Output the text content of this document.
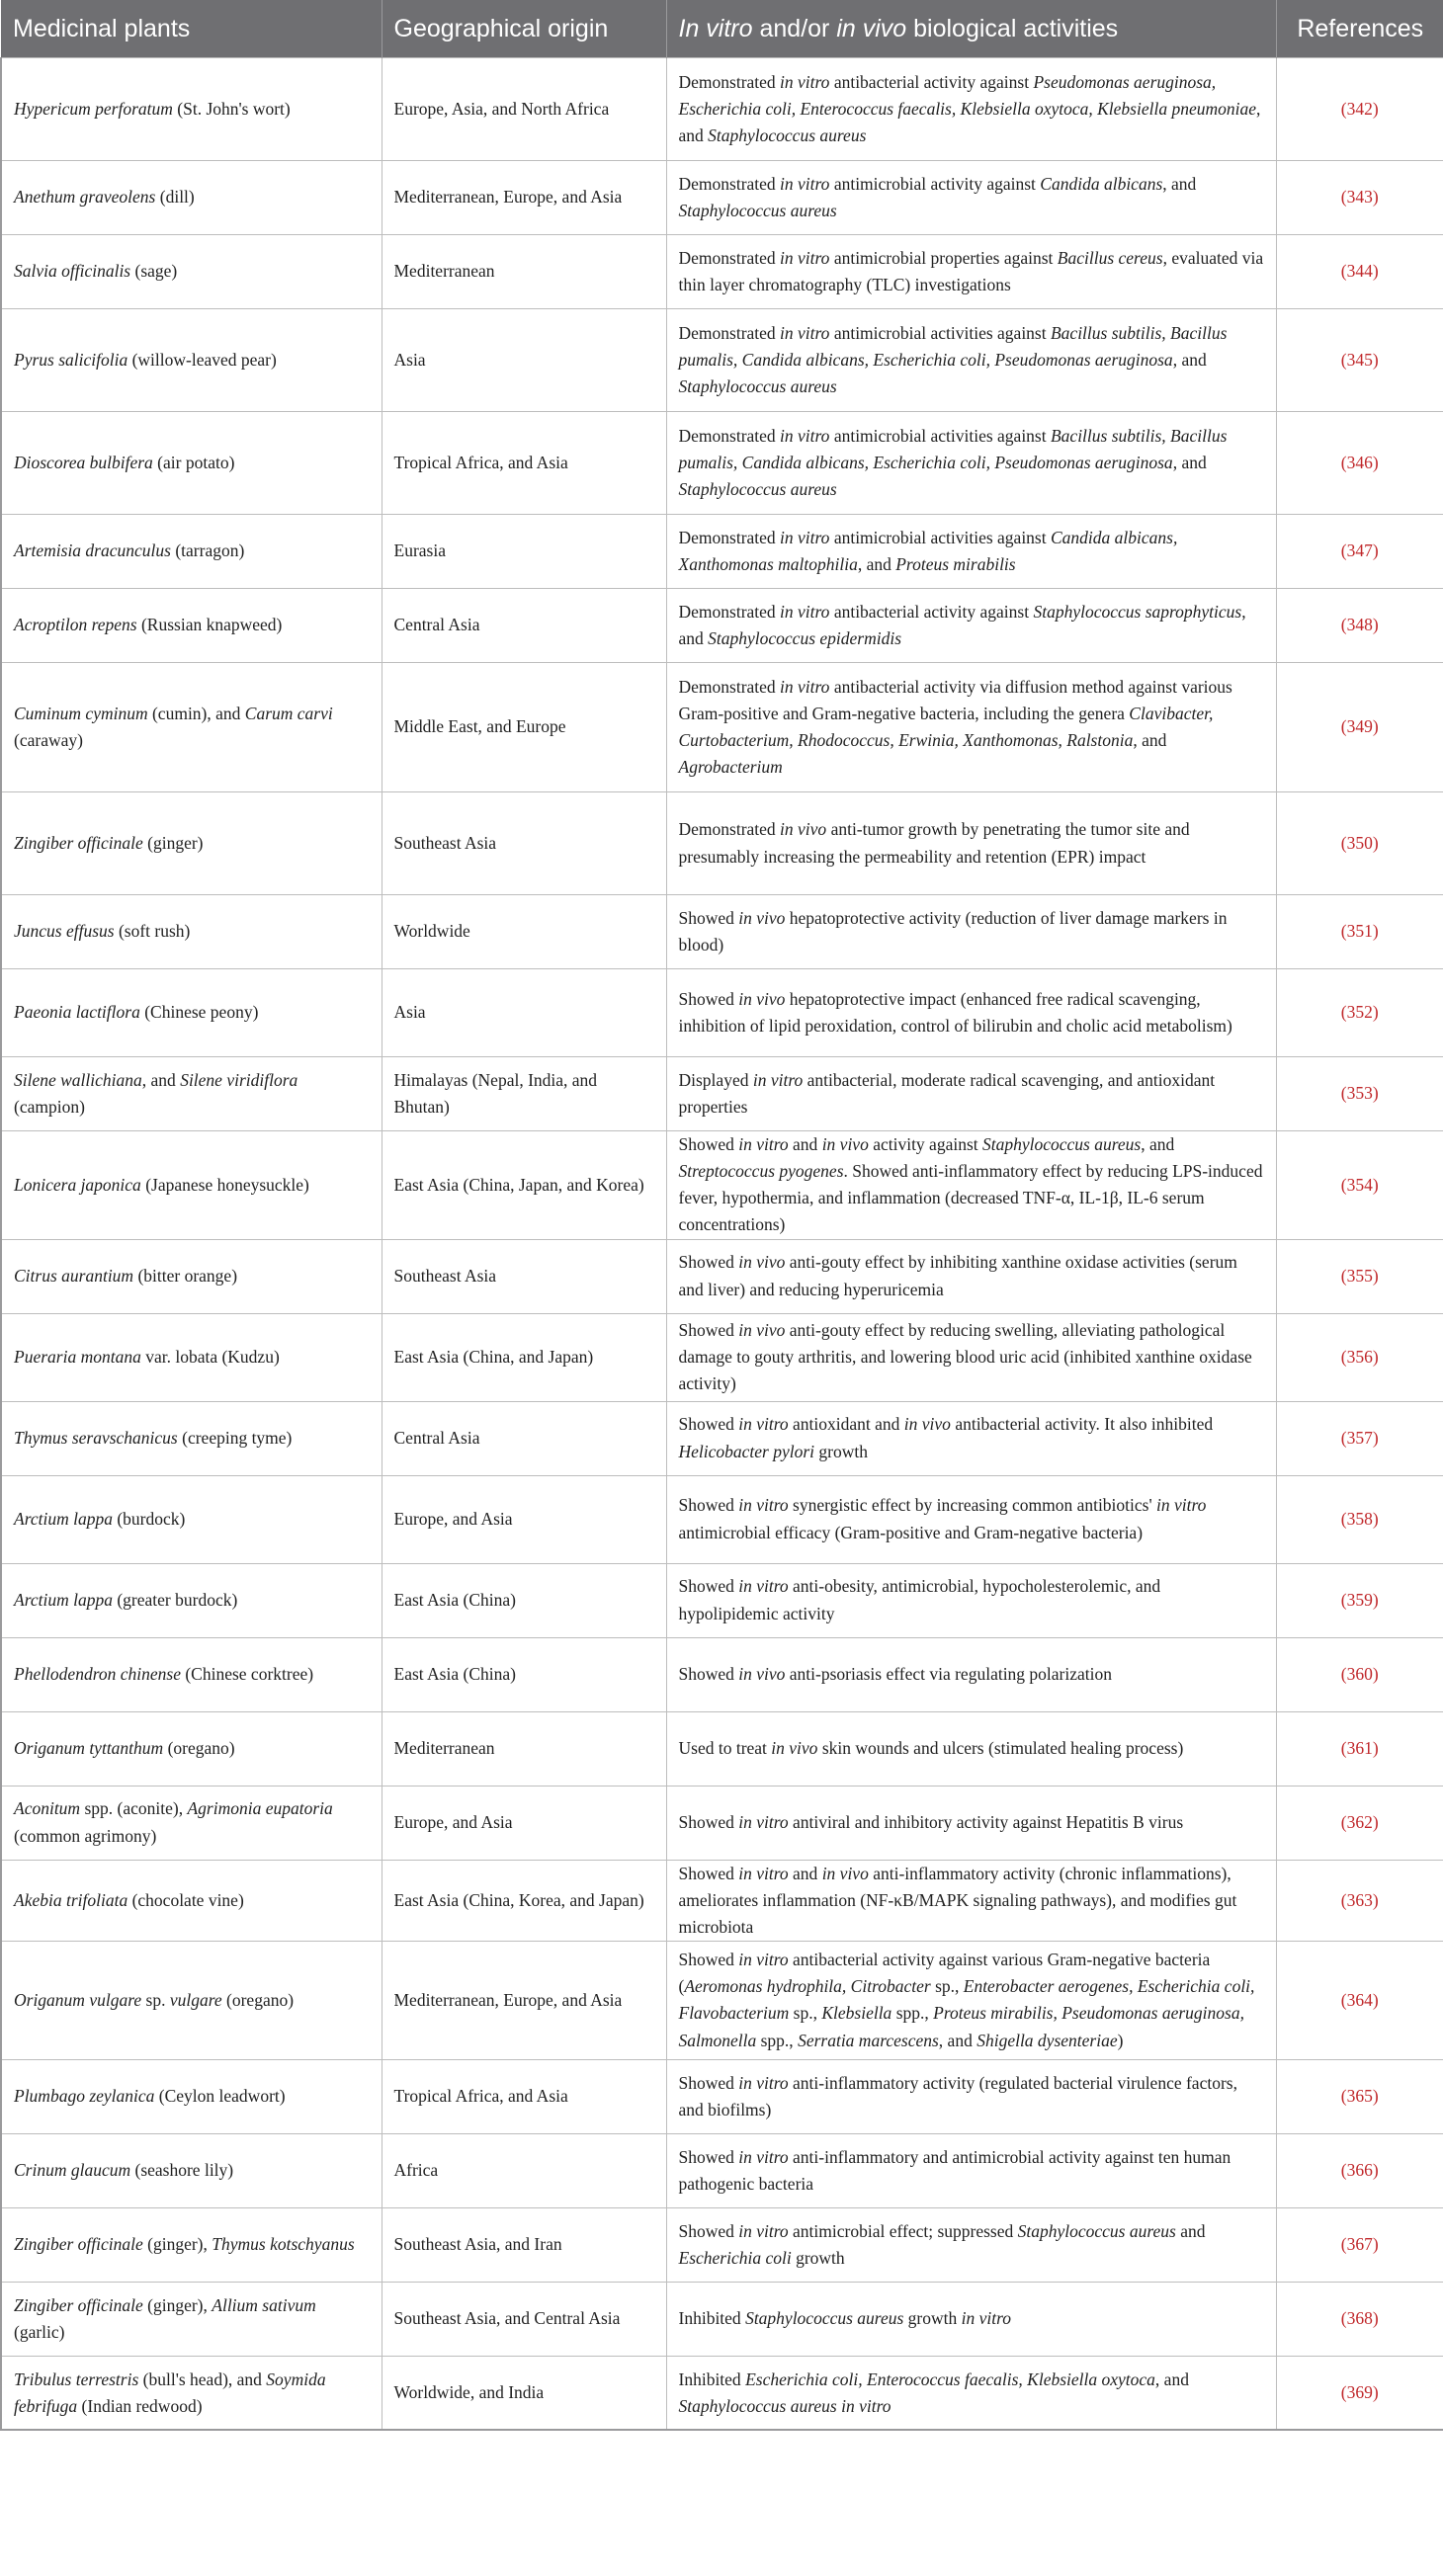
Medicinal plants	Geographical origin	In vitro and/or in vivo biological activities	References
Hypericum perforatum (St. John's wort)	Europe, Asia, and North Africa	Demonstrated in vitro antibacterial activity against Pseudomonas aeruginosa, Escherichia coli, Enterococcus faecalis, Klebsiella oxytoca, Klebsiella pneumoniae, and Staphylococcus aureus	(342)
Anethum graveolens (dill)	Mediterranean, Europe, and Asia	Demonstrated in vitro antimicrobial activity against Candida albicans, and Staphylococcus aureus	(343)
Salvia officinalis (sage)	Mediterranean	Demonstrated in vitro antimicrobial properties against Bacillus cereus, evaluated via thin layer chromatography (TLC) investigations	(344)
Pyrus salicifolia (willow-leaved pear)	Asia	Demonstrated in vitro antimicrobial activities against Bacillus subtilis, Bacillus pumalis, Candida albicans, Escherichia coli, Pseudomonas aeruginosa, and Staphylococcus aureus	(345)
Dioscorea bulbifera (air potato)	Tropical Africa, and Asia	Demonstrated in vitro antimicrobial activities against Bacillus subtilis, Bacillus pumalis, Candida albicans, Escherichia coli, Pseudomonas aeruginosa, and Staphylococcus aureus	(346)
Artemisia dracunculus (tarragon)	Eurasia	Demonstrated in vitro antimicrobial activities against Candida albicans, Xanthomonas maltophilia, and Proteus mirabilis	(347)
Acroptilon repens (Russian knapweed)	Central Asia	Demonstrated in vitro antibacterial activity against Staphylococcus saprophyticus, and Staphylococcus epidermidis	(348)
Cuminum cyminum (cumin), and Carum carvi (caraway)	Middle East, and Europe	Demonstrated in vitro antibacterial activity via diffusion method against various Gram-positive and Gram-negative bacteria, including the genera Clavibacter, Curtobacterium, Rhodococcus, Erwinia, Xanthomonas, Ralstonia, and Agrobacterium	(349)
Zingiber officinale (ginger)	Southeast Asia	Demonstrated in vivo anti-tumor growth by penetrating the tumor site and presumably increasing the permeability and retention (EPR) impact	(350)
Juncus effusus (soft rush)	Worldwide	Showed in vivo hepatoprotective activity (reduction of liver damage markers in blood)	(351)
Paeonia lactiflora (Chinese peony)	Asia	Showed in vivo hepatoprotective impact (enhanced free radical scavenging, inhibition of lipid peroxidation, control of bilirubin and cholic acid metabolism)	(352)
Silene wallichiana, and Silene viridiflora (campion)	Himalayas (Nepal, India, and Bhutan)	Displayed in vitro antibacterial, moderate radical scavenging, and antioxidant properties	(353)
Lonicera japonica (Japanese honeysuckle)	East Asia (China, Japan, and Korea)	Showed in vitro and in vivo activity against Staphylococcus aureus, and Streptococcus pyogenes. Showed anti-inflammatory effect by reducing LPS-induced fever, hypothermia, and inflammation (decreased TNF-α, IL-1β, IL-6 serum concentrations)	(354)
Citrus aurantium (bitter orange)	Southeast Asia	Showed in vivo anti-gouty effect by inhibiting xanthine oxidase activities (serum and liver) and reducing hyperuricemia	(355)
Pueraria montana var. lobata (Kudzu)	East Asia (China, and Japan)	Showed in vivo anti-gouty effect by reducing swelling, alleviating pathological damage to gouty arthritis, and lowering blood uric acid (inhibited xanthine oxidase activity)	(356)
Thymus seravschanicus (creeping tyme)	Central Asia	Showed in vitro antioxidant and in vivo antibacterial activity. It also inhibited Helicobacter pylori growth	(357)
Arctium lappa (burdock)	Europe, and Asia	Showed in vitro synergistic effect by increasing common antibiotics' in vitro antimicrobial efficacy (Gram-positive and Gram-negative bacteria)	(358)
Arctium lappa (greater burdock)	East Asia (China)	Showed in vitro anti-obesity, antimicrobial, hypocholesterolemic, and hypolipidemic activity	(359)
Phellodendron chinense (Chinese corktree)	East Asia (China)	Showed in vivo anti-psoriasis effect via regulating polarization	(360)
Origanum tyttanthum (oregano)	Mediterranean	Used to treat in vivo skin wounds and ulcers (stimulated healing process)	(361)
Aconitum spp. (aconite), Agrimonia eupatoria (common agrimony)	Europe, and Asia	Showed in vitro antiviral and inhibitory activity against Hepatitis B virus	(362)
Akebia trifoliata (chocolate vine)	East Asia (China, Korea, and Japan)	Showed in vitro and in vivo anti-inflammatory activity (chronic inflammations), ameliorates inflammation (NF-κB/MAPK signaling pathways), and modifies gut microbiota	(363)
Origanum vulgare sp. vulgare (oregano)	Mediterranean, Europe, and Asia	Showed in vitro antibacterial activity against various Gram-negative bacteria (Aeromonas hydrophila, Citrobacter sp., Enterobacter aerogenes, Escherichia coli, Flavobacterium sp., Klebsiella spp., Proteus mirabilis, Pseudomonas aeruginosa, Salmonella spp., Serratia marcescens, and Shigella dysenteriae)	(364)
Plumbago zeylanica (Ceylon leadwort)	Tropical Africa, and Asia	Showed in vitro anti-inflammatory activity (regulated bacterial virulence factors, and biofilms)	(365)
Crinum glaucum (seashore lily)	Africa	Showed in vitro anti-inflammatory and antimicrobial activity against ten human pathogenic bacteria	(366)
Zingiber officinale (ginger), Thymus kotschyanus	Southeast Asia, and Iran	Showed in vitro antimicrobial effect; suppressed Staphylococcus aureus and Escherichia coli growth	(367)
Zingiber officinale (ginger), Allium sativum (garlic)	Southeast Asia, and Central Asia	Inhibited Staphylococcus aureus growth in vitro	(368)
Tribulus terrestris (bull's head), and Soymida febrifuga (Indian redwood)	Worldwide, and India	Inhibited Escherichia coli, Enterococcus faecalis, Klebsiella oxytoca, and Staphylococcus aureus in vitro	(369)
